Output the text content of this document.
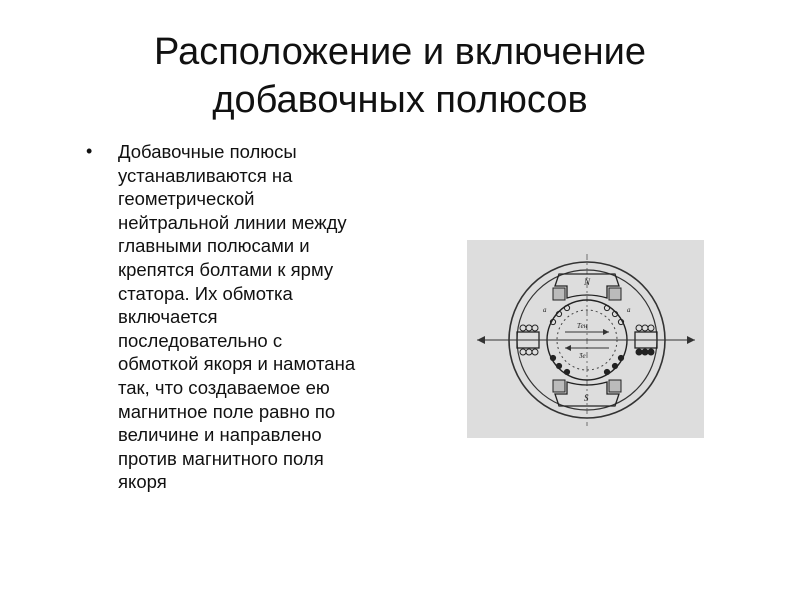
Расположение и включение
добавочных полюсов
• Добавочные полюсы
устанавливаются на
геометрической
нейтральной линии между
главными полюсами и
крепятся болтами к ярму
статора. Их обмотка
включается
последовательно с
обмоткой якоря и намотана
так, что создаваемое ею
магнитное поле равно по
величине и направлено
против магнитного поля
якоря
N
S
Тен
Ӡе
а	а
